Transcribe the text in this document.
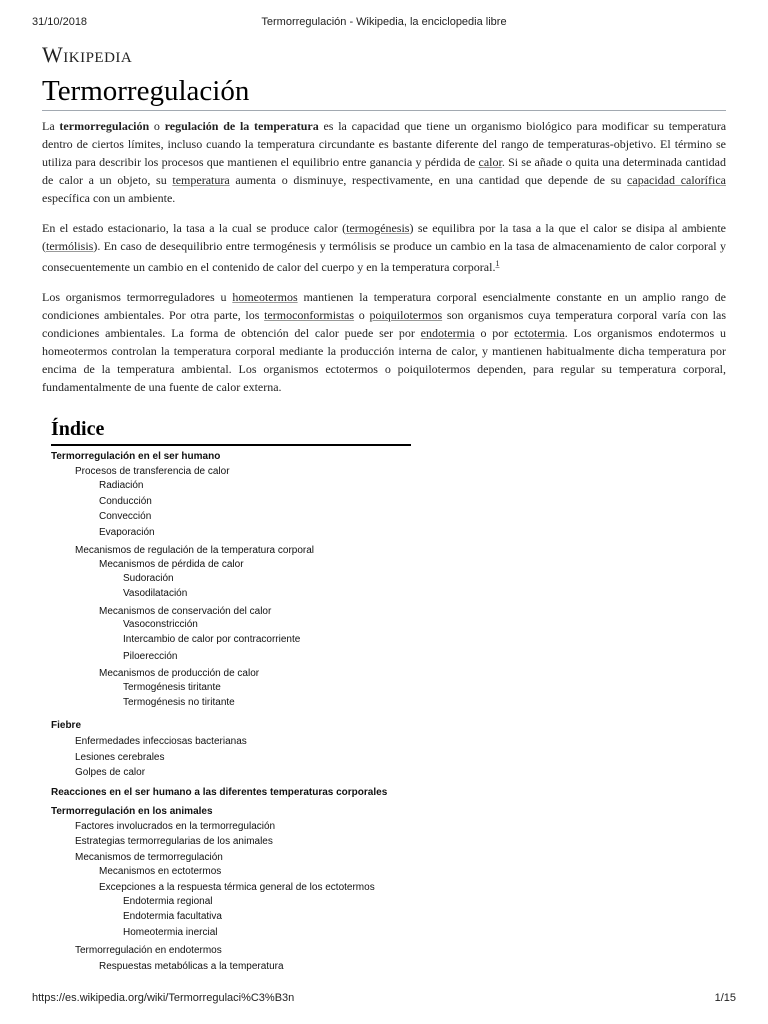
31/10/2018	Termorregulación - Wikipedia, la enciclopedia libre
Wikipedia
Termorregulación

La termorregulación o regulación de la temperatura es la capacidad que tiene un organismo biológico para modificar su temperatura dentro de ciertos límites, incluso cuando la temperatura circundante es bastante diferente del rango de temperaturas-objetivo. El término se utiliza para describir los procesos que mantienen el equilibrio entre ganancia y pérdida de calor. Si se añade o quita una determinada cantidad de calor a un objeto, su temperatura aumenta o disminuye, respectivamente, en una cantidad que depende de su capacidad calorífica específica con un ambiente.

En el estado estacionario, la tasa a la cual se produce calor (termogénesis) se equilibra por la tasa a la que el calor se disipa al ambiente (termólisis). En caso de desequilibrio entre termogénesis y termólisis se produce un cambio en la tasa de almacenamiento de calor corporal y consecuentemente un cambio en el contenido de calor del cuerpo y en la temperatura corporal.$^1$

Los organismos termorreguladores u homeotermos mantienen la temperatura corporal esencialmente constante en un amplio rango de condiciones ambientales. Por otra parte, los termoconformistas o poiquilotermos son organismos cuya temperatura corporal varía con las condiciones ambientales. La forma de obtención del calor puede ser por endotermia o por ectotermia. Los organismos endotermos u homeotermos controlan la temperatura corporal mediante la producción interna de calor, y mantienen habitualmente dicha temperatura por encima de la temperatura ambiental. Los organismos ectotermos o poiquilotermos dependen, para regular su temperatura corporal, fundamentalmente de una fuente de calor externa.

Índice
Termorregulación en el ser humano
Procesos de transferencia de calor
Radiación
Conducción
Convección
Evaporación
Mecanismos de regulación de la temperatura corporal
Mecanismos de pérdida de calor
Sudoración
Vasodilatación
Mecanismos de conservación del calor
Vasoconstricción
Intercambio de calor por contracorriente
Piloerección
Mecanismos de producción de calor
Termogénesis tiritante
Termogénesis no tiritante
Fiebre
Enfermedades infecciosas bacterianas
Lesiones cerebrales
Golpes de calor
Reacciones en el ser humano a las diferentes temperaturas corporales
Termorregulación en los animales
Factores involucrados en la termorregulación
Estrategias termorregularias de los animales
Mecanismos de termorregulación
Mecanismos en ectotermos
Excepciones a la respuesta térmica general de los ectotermos
Endotermia regional
Endotermia facultativa
Homeotermia inercial
Termorregulación en endotermos
Respuestas metabólicas a la temperatura
https://es.wikipedia.org/wiki/Termorregulaci%C3%B3n	1/15
